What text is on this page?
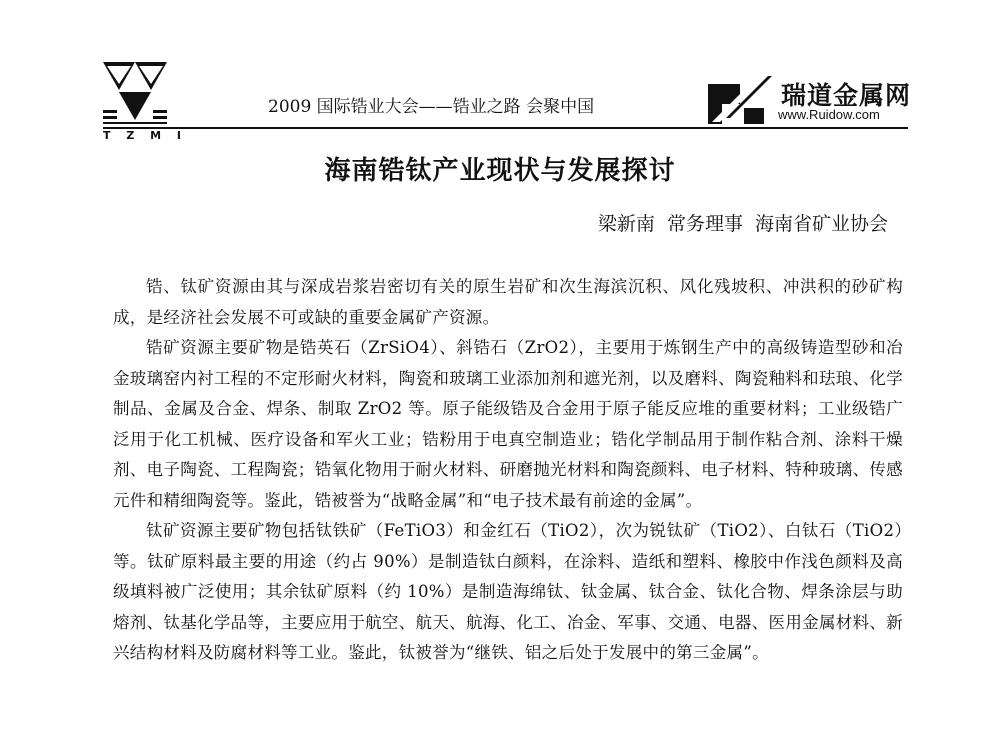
T Z M I
2009 国际锆业大会——锆业之路 会聚中国	瑞道金属网
www.Ruidow.com
海南锆钛产业现状与发展探讨
梁新南 常务理事 海南省矿业协会

锆、钛矿资源由其与深成岩浆岩密切有关的原生岩矿和次生海滨沉积、风化残坡积、冲洪积的砂矿构成，是经济社会发展不可或缺的重要金属矿产资源。

锆矿资源主要矿物是锆英石（ZrSiO4）、斜锆石（ZrO2），主要用于炼钢生产中的高级铸造型砂和冶金玻璃窑内衬工程的不定形耐火材料，陶瓷和玻璃工业添加剂和遮光剂，以及磨料、陶瓷釉料和珐琅、化学制品、金属及合金、焊条、制取 ZrO2 等。原子能级锆及合金用于原子能反应堆的重要材料；工业级锆广泛用于化工机械、医疗设备和军火工业；锆粉用于电真空制造业；锆化学制品用于制作粘合剂、涂料干燥剂、电子陶瓷、工程陶瓷；锆氧化物用于耐火材料、研磨抛光材料和陶瓷颜料、电子材料、特种玻璃、传感元件和精细陶瓷等。鉴此，锆被誉为“战略金属”和“电子技术最有前途的金属”。

钛矿资源主要矿物包括钛铁矿（FeTiO3）和金红石（TiO2），次为锐钛矿（TiO2）、白钛石（TiO2）等。钛矿原料最主要的用途（约占 90%）是制造钛白颜料，在涂料、造纸和塑料、橡胶中作浅色颜料及高级填料被广泛使用；其余钛矿原料（约 10%）是制造海绵钛、钛金属、钛合金、钛化合物、焊条涂层与助熔剂、钛基化学品等，主要应用于航空、航天、航海、化工、冶金、军事、交通、电器、医用金属材料、新兴结构材料及防腐材料等工业。鉴此，钛被誉为“继铁、铝之后处于发展中的第三金属”。
